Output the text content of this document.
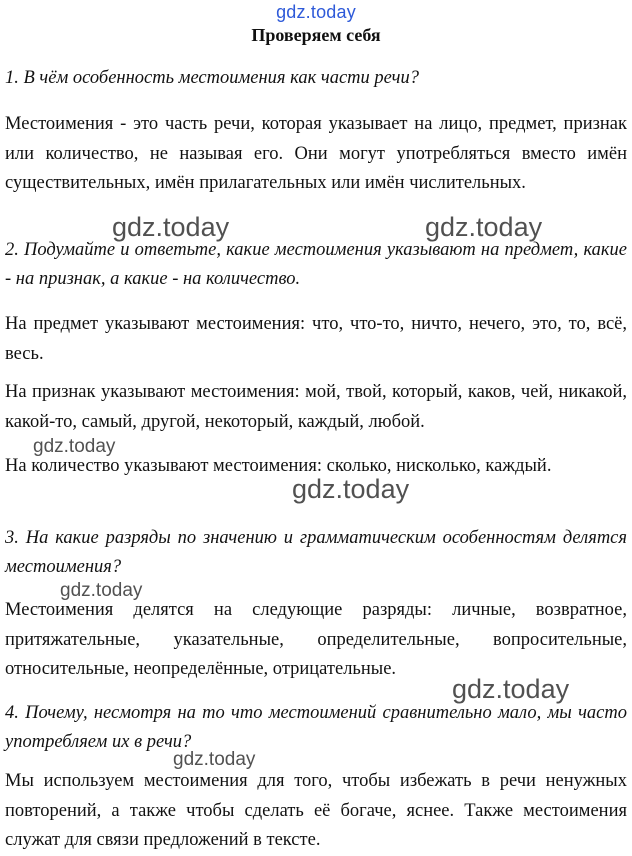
gdz.today
Проверяем себя
1. В чём особенность местоимения как части речи?
Местоимения - это часть речи, которая указывает на лицо, предмет, признак или количество, не называя его. Они могут употребляться вместо имён существительных, имён прилагательных или имён числительных.
2. Подумайте и ответьте, какие местоимения указывают на предмет, какие - на признак, а какие - на количество.
На предмет указывают местоимения: что, что-то, ничто, нечего, это, то, всё, весь.
На признак указывают местоимения: мой, твой, который, каков, чей, никакой, какой-то, самый, другой, некоторый, каждый, любой.
На количество указывают местоимения: сколько, нисколько, каждый.
3. На какие разряды по значению и грамматическим особенностям делятся местоимения?
Местоимения делятся на следующие разряды: личные, возвратное, притяжательные, указательные, определительные, вопросительные, относительные, неопределённые, отрицательные.
4. Почему, несмотря на то что местоимений сравнительно мало, мы часто употребляем их в речи?
Мы используем местоимения для того, чтобы избежать в речи ненужных повторений, а также чтобы сделать её богаче, яснее. Также местоимения служат для связи предложений в тексте.
gdz.today	gdz.today
gdz.today
gdz.today
gdz.today
gdz.today
gdz.today
